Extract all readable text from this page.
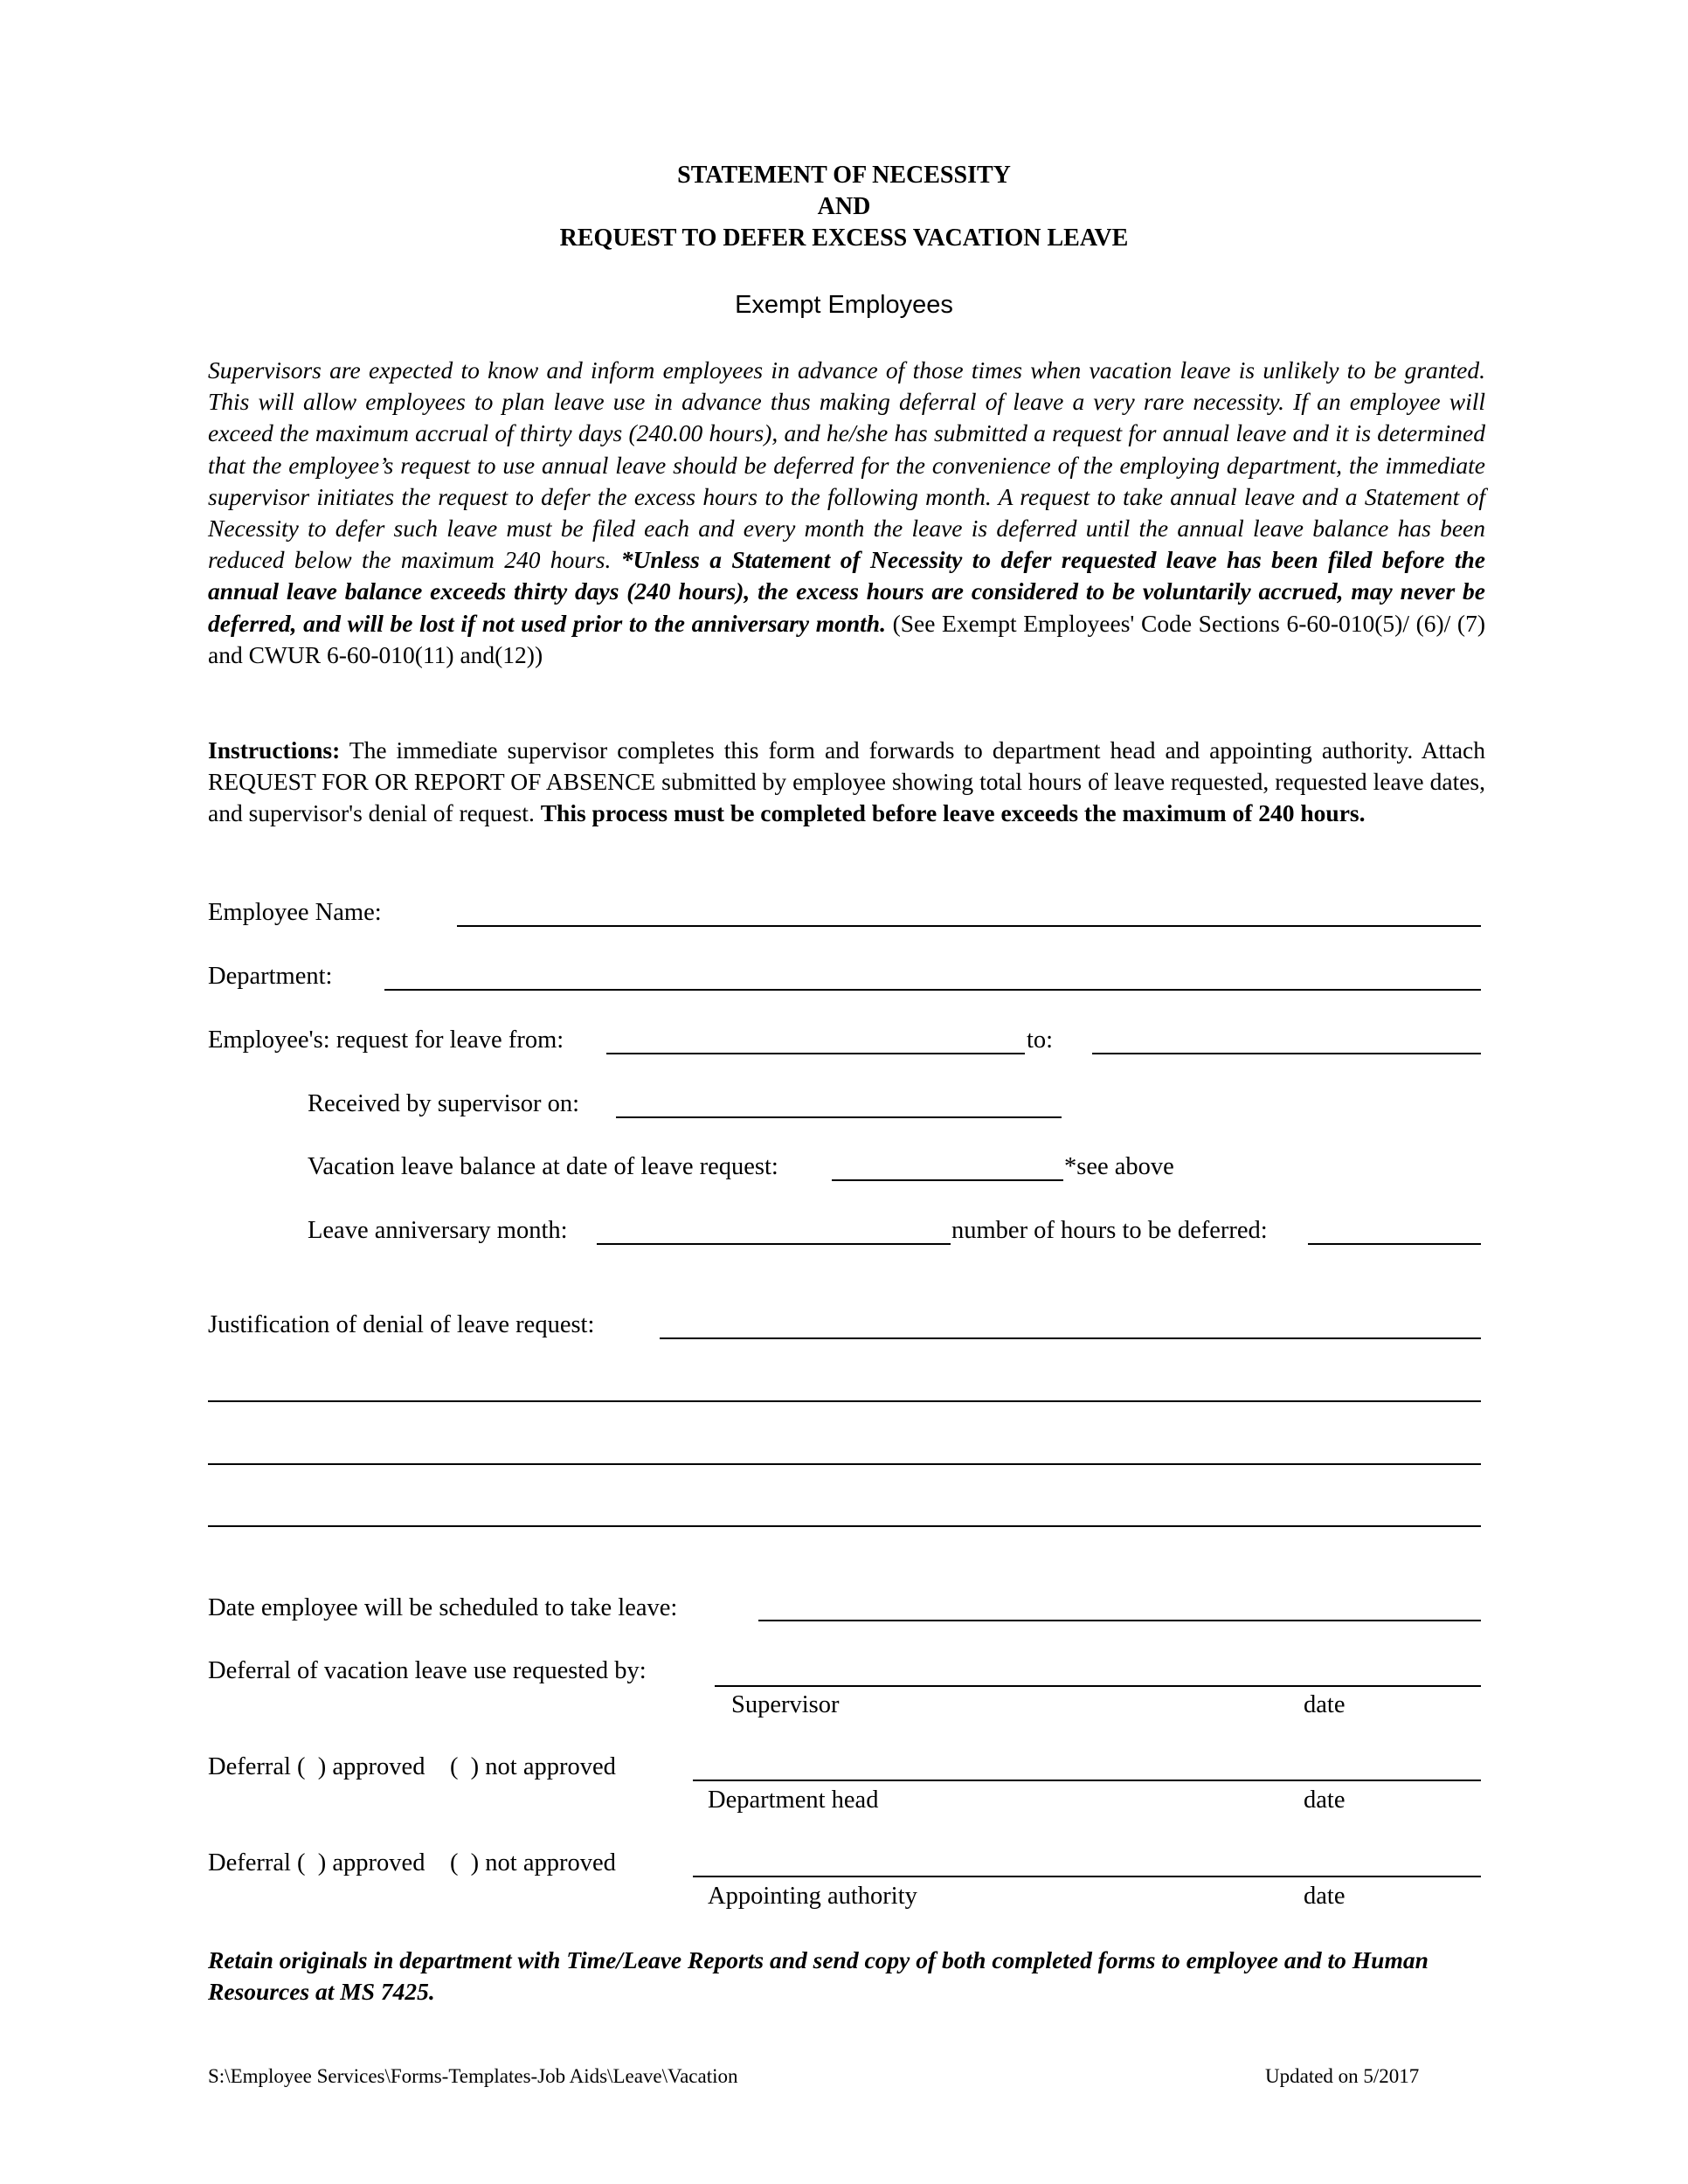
STATEMENT OF NECESSITY
AND
REQUEST TO DEFER EXCESS VACATION LEAVE
Exempt Employees
Supervisors are expected to know and inform employees in advance of those times when vacation leave is unlikely to be granted. This will allow employees to plan leave use in advance thus making deferral of leave a very rare necessity. If an employee will exceed the maximum accrual of thirty days (240.00 hours), and he/she has submitted a request for annual leave and it is determined that the employee’s request to use annual leave should be deferred for the convenience of the employing department, the immediate supervisor initiates the request to defer the excess hours to the following month. A request to take annual leave and a Statement of Necessity to defer such leave must be filed each and every month the leave is deferred until the annual leave balance has been reduced below the maximum 240 hours. *Unless a Statement of Necessity to defer requested leave has been filed before the annual leave balance exceeds thirty days (240 hours), the excess hours are considered to be voluntarily accrued, may never be deferred, and will be lost if not used prior to the anniversary month. (See Exempt Employees' Code Sections 6-60-010(5)/ (6)/ (7) and CWUR 6-60-010(11) and(12))
Instructions: The immediate supervisor completes this form and forwards to department head and appointing authority. Attach REQUEST FOR OR REPORT OF ABSENCE submitted by employee showing total hours of leave requested, requested leave dates, and supervisor's denial of request. This process must be completed before leave exceeds the maximum of 240 hours.
Employee Name:
Department:
Employee's: request for leave from:	to:
Received by supervisor on:
Vacation leave balance at date of leave request:	*see above
Leave anniversary month:	number of hours to be deferred:
Justification of denial of leave request:
Date employee will be scheduled to take leave:
Deferral of vacation leave use requested by:
Supervisor	date
Deferral (  ) approved    (  ) not approved
Department head	date
Deferral (  ) approved    (  ) not approved
Appointing authority	date
Retain originals in department with Time/Leave Reports and send copy of both completed forms to employee and to Human Resources at MS 7425.
S:\Employee Services\Forms-Templates-Job Aids\Leave\Vacation	Updated on 5/2017
